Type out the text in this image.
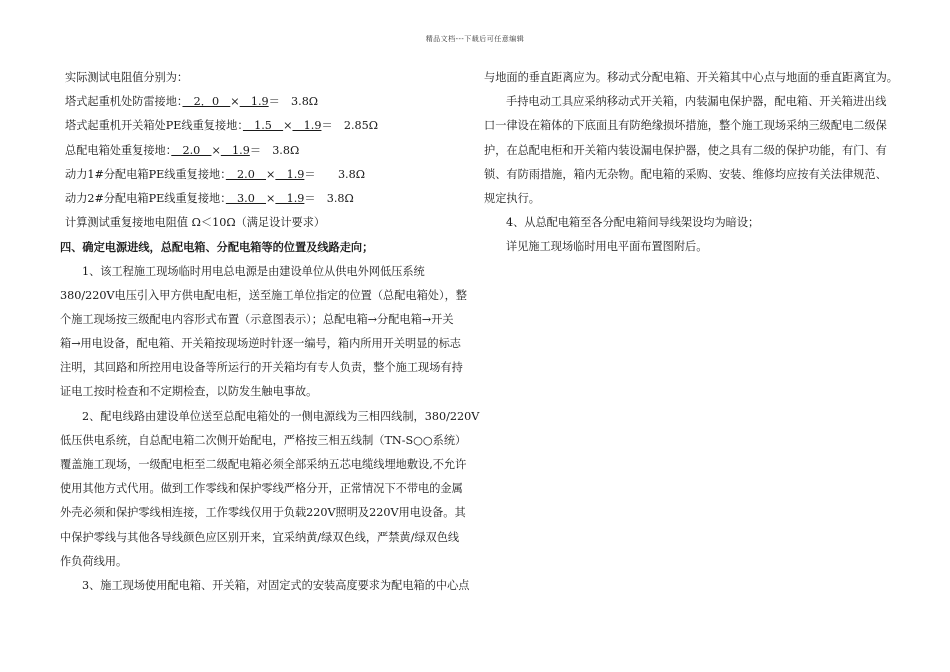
精品文档---下载后可任意编辑
实际测试电阻值分别为：
塔式起重机处防雷接地：　2．0　×　1.9＝　3.8Ω
塔式起重机开关箱处PE线重复接地：　1.5　×　1.9＝　2.85Ω
总配电箱处重复接地：　2.0　×　1.9＝　3.8Ω
动力1#分配电箱PE线重复接地：　2.0　×　1.9＝　　3.8Ω
动力2#分配电箱PE线重复接地：　3.0　×　1.9＝　3.8Ω
计算测试重复接地电阻值 Ω＜10Ω（满足设计要求）
四、确定电源进线，总配电箱、分配电箱等的位置及线路走向；
1、该工程施工现场临时用电总电源是由建设单位从供电外网低压系统
380/220V电压引入甲方供电配电柜，送至施工单位指定的位置（总配电箱处），整
个施工现场按三级配电内容形式布置（示意图表示）；总配电箱→分配电箱→开关
箱→用电设备，配电箱、开关箱按现场逆时针逐一编号，箱内所用开关明显的标志
注明，其回路和所控用电设备等所运行的开关箱均有专人负责，整个施工现场有持
证电工按时检查和不定期检查，以防发生触电事故。
2、配电线路由建设单位送至总配电箱处的一侧电源线为三相四线制，380/220V
低压供电系统，自总配电箱二次侧开始配电，严格按三相五线制（TN-S○○系统）
覆盖施工现场，一级配电柜至二级配电箱必须全部采纳五芯电缆线埋地敷设,不允许
使用其他方式代用。做到工作零线和保护零线严格分开，正常情况下不带电的金属
外壳必须和保护零线相连接，工作零线仅用于负载220V照明及220V用电设备。其
中保护零线与其他各导线颜色应区别开来，宜采纳黄/绿双色线，严禁黄/绿双色线
作负荷线用。
3、施工现场使用配电箱、开关箱，对固定式的安装高度要求为配电箱的中心点
与地面的垂直距离应为。移动式分配电箱、开关箱其中心点与地面的垂直距离宜为。
手持电动工具应采纳移动式开关箱，内装漏电保护器，配电箱、开关箱进出线
口一律设在箱体的下底面且有防绝缘损坏措施，整个施工现场采纳三级配电二级保
护，在总配电柜和开关箱内装设漏电保护器，使之具有二级的保护功能，有门、有
锁、有防雨措施，箱内无杂物。配电箱的采购、安装、维修均应按有关法律规范、
规定执行。
4、从总配电箱至各分配电箱间导线架设均为暗设；
详见施工现场临时用电平面布置图附后。
